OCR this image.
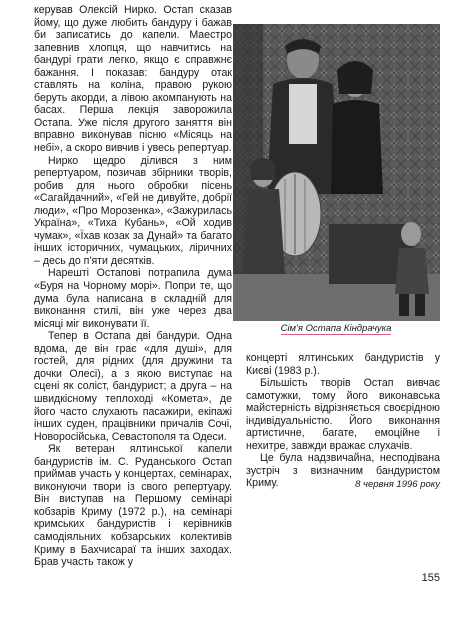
керував Олексій Нирко. Остап сказав йому, що дуже любить бандуру і бажав би записатись до капели. Маестро запевнив хлопця, що навчитись на бандурі грати легко, якщо є справжнє бажання. І показав: бандуру отак ставлять на коліна, правою рукою беруть акорди, а лівою акомпанують на басах. Перша лекція заворожила Остапа. Уже після другого заняття він вправно виконував пісню «Місяць на небі», а скоро вивчив і увесь репертуар.

Нирко щедро ділився з ним репертуаром, позичав збірники творів, робив для нього обробки пісень «Сагайдачний», «Гей не дивуйте, добрії люди», «Про Морозенка», «Зажурилась Україна», «Тиха Кубань», «Ой ходив чумак», «Їхав козак за Дунай» та багато інших історичних, чумацьких, ліричних – десь до п'яти десятків.

Нарешті Остапові потрапила дума «Буря на Чорному морі». Попри те, що дума була написана в складній для виконання стилі, він уже через два місяці міг виконувати її.

Тепер в Остапа дві бандури. Одна вдома, де він грає «для душі», для гостей, для рідних (для дружини та дочки Олесі), а з якою виступає на сцені як соліст, бандурист; а друга – на швидкісному теплоході «Комета», де його часто слухають пасажири, екіпажі інших суден, працівники причалів Сочі, Новоросійська, Севастополя та Одеси.

Як ветеран ялтинської капели бандуристів ім. С. Руданського Остап приймав участь у концертах, семінарах, виконуючи твори із свого репертуару. Він виступав на Першому семінарі кобзарів Криму (1972 р.), на семінарі кримських бандуристів і керівників самодіяльних кобзарських колективів Криму в Бахчисараї та інших заходах. Брав участь також у

Сім'я Остапа Кіндрачука

концерті ялтинських бандуристів у Києві (1983 р.).

Більшість творів Остап вивчає самотужки, тому його виконавська майстерність відрізняється своєрідною індивідуальністю. Його виконання артистичне, багате, емоційне і нехитре, завжди вражає слухачів.

Це була надзвичайна, несподівана зустріч з визначним бандуристом Криму.	8 червня 1996 року
155
